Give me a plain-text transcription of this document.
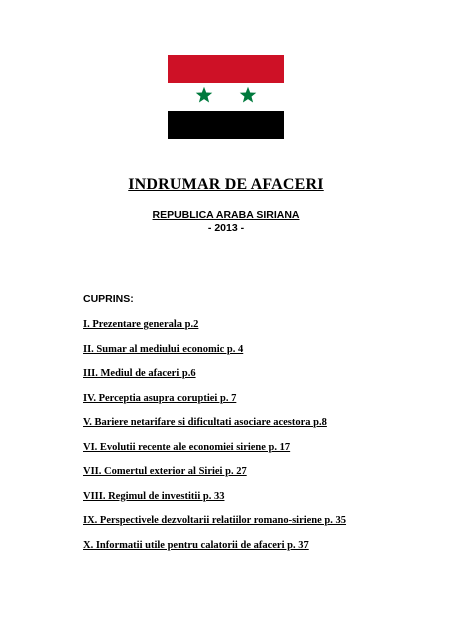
INDRUMAR DE AFACERI
REPUBLICA ARABA SIRIANA
- 2013 -
CUPRINS:
I. Prezentare generala p.2
II. Sumar al mediului economic p. 4
III. Mediul de afaceri p.6
IV. Perceptia asupra coruptiei p. 7
V. Bariere netarifare si dificultati asociare acestora p.8
VI. Evolutii recente ale economiei siriene p. 17
VII. Comertul exterior al Siriei p. 27
VIII. Regimul de investitii p. 33
IX. Perspectivele dezvoltarii relatiilor romano-siriene p. 35
X. Informatii utile pentru calatorii de afaceri p. 37
